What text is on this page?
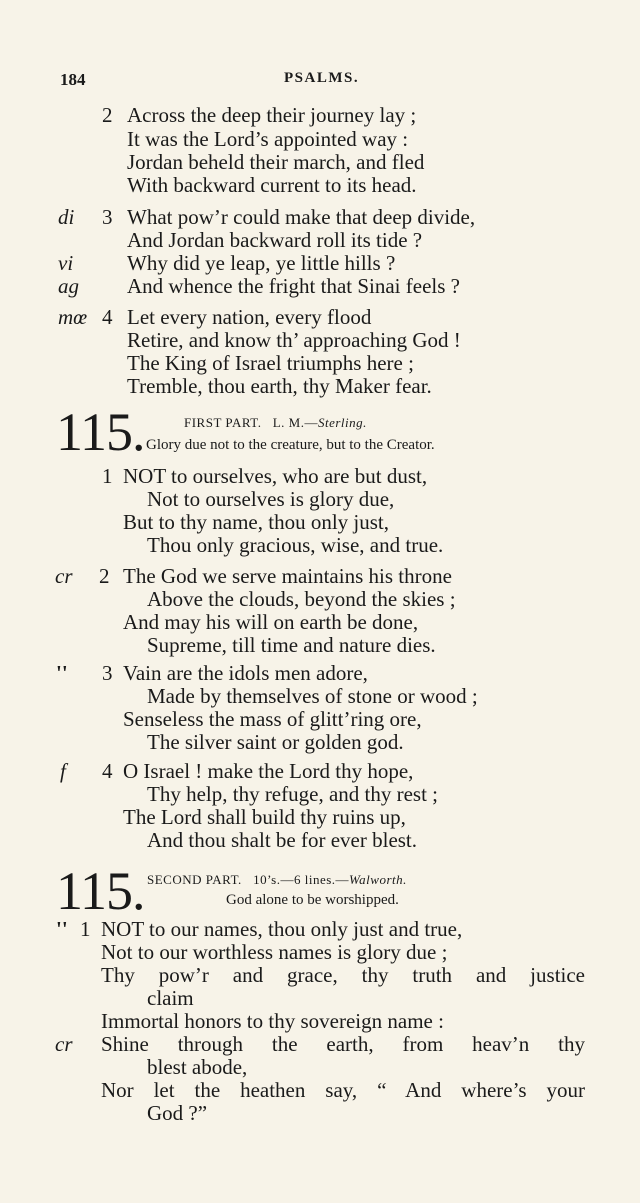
184	PSALMS.
2 Across the deep their journey lay ;
It was the Lord’s appointed way :
Jordan beheld their march, and fled
With backward current to its head.
di 3 What pow’r could make that deep divide,
And Jordan backward roll its tide ?
vi	Why did ye leap, ye little hills ?
ag And whence the fright that Sinai feels ?
mœ 4 Let every nation, every flood
Retire, and know th’ approaching God !
The King of Israel triumphs here ;
Tremble, thou earth, thy Maker fear.
115.	FIRST PART. L. M.—Sterling.
Glory due not to the creature, but to the Creator.
1 NOT to ourselves, who are but dust,
Not to ourselves is glory due,
But to thy name, thou only just,
Thou only gracious, wise, and true.
cr 2 The God we serve maintains his throne
Above the clouds, beyond the skies ;
And may his will on earth be done,
Supreme, till time and nature dies.
'' 3 Vain are the idols men adore,
Made by themselves of stone or wood ;
Senseless the mass of glitt’ring ore,
The silver saint or golden god.
f 4 O Israel ! make the Lord thy hope,
Thy help, thy refuge, and thy rest ;
The Lord shall build thy ruins up,
And thou shalt be for ever blest.
115. SECOND PART. 10’s.—6 lines.—Walworth.
God alone to be worshipped.
'' 1 NOT to our names, thou only just and true,
Not to our worthless names is glory due ;
Thy pow’r and grace, thy truth and justice
claim
Immortal honors to thy sovereign name :
cr Shine through the earth, from heav’n thy
blest abode,
Nor let the heathen say, “ And where’s your
God ?”
